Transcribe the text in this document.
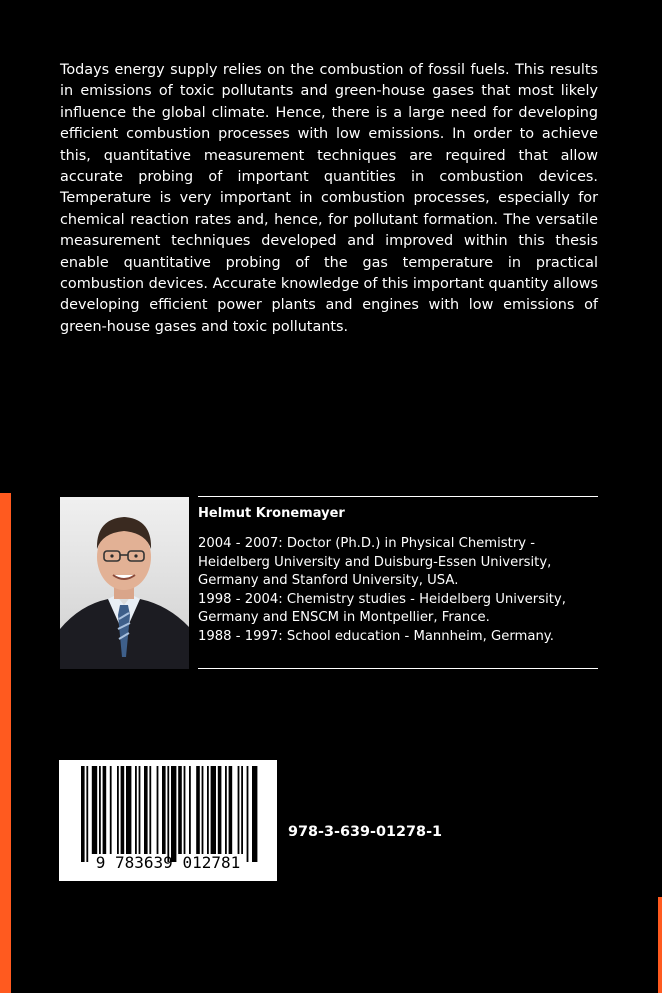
Todays energy supply relies on the combustion of fossil fuels. This results in emissions of toxic pollutants and green-house gases that most likely influence the global climate. Hence, there is a large need for developing efficient combustion processes with low emissions. In order to achieve this, quantitative measurement techniques are required that allow accurate probing of important quantities in combustion devices. Temperature is very important in combustion processes, especially for chemical reaction rates and, hence, for pollutant formation. The versatile measurement techniques developed and improved within this thesis enable quantitative probing of the gas temperature in practical combustion devices. Accurate knowledge of this important quantity allows developing efficient power plants and engines with low emissions of green-house gases and toxic pollutants.

Helmut Kronemayer

2004 - 2007: Doctor (Ph.D.) in Physical Chemistry - Heidelberg University and Duisburg-Essen University, Germany and Stanford University, USA.

1998 - 2004: Chemistry studies - Heidelberg University, Germany and ENSCM in Montpellier, France.

1988 - 1997: School education - Mannheim, Germany.

9 783639 012781

978-3-639-01278-1
